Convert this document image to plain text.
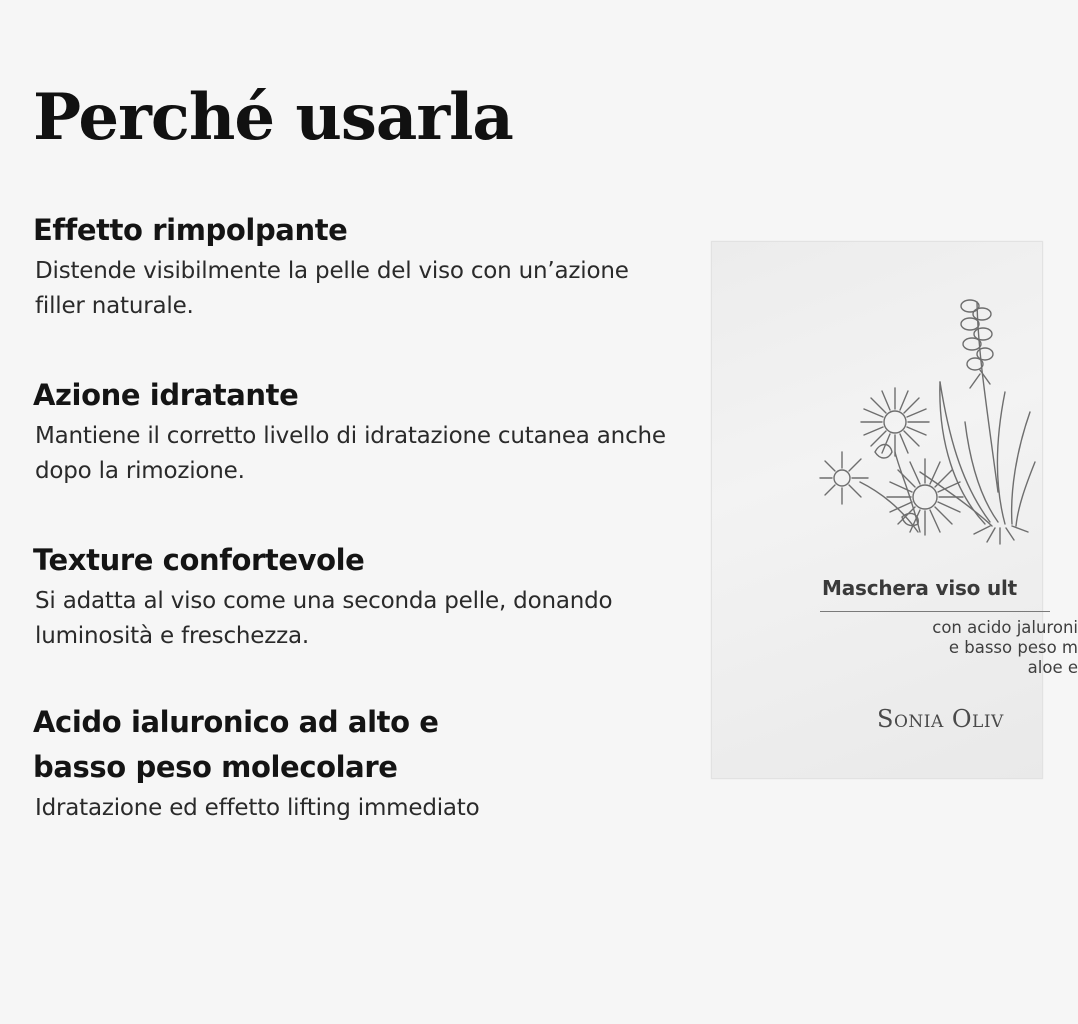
Perché usarla
Effetto rimpolpante

Distende visibilmente la pelle del viso con un’azione filler naturale.

Azione idratante

Mantiene il corretto livello di idratazione cutanea anche dopo la rimozione.

Texture confortevole

Si adatta al viso come una seconda pelle, donando luminosità e freschezza.

Acido ialuronico ad alto e basso peso molecolare

Idratazione ed effetto lifting immediato

Maschera viso ult

con acido jaluroni
e basso peso m
aloe e

Sonia Oliv
